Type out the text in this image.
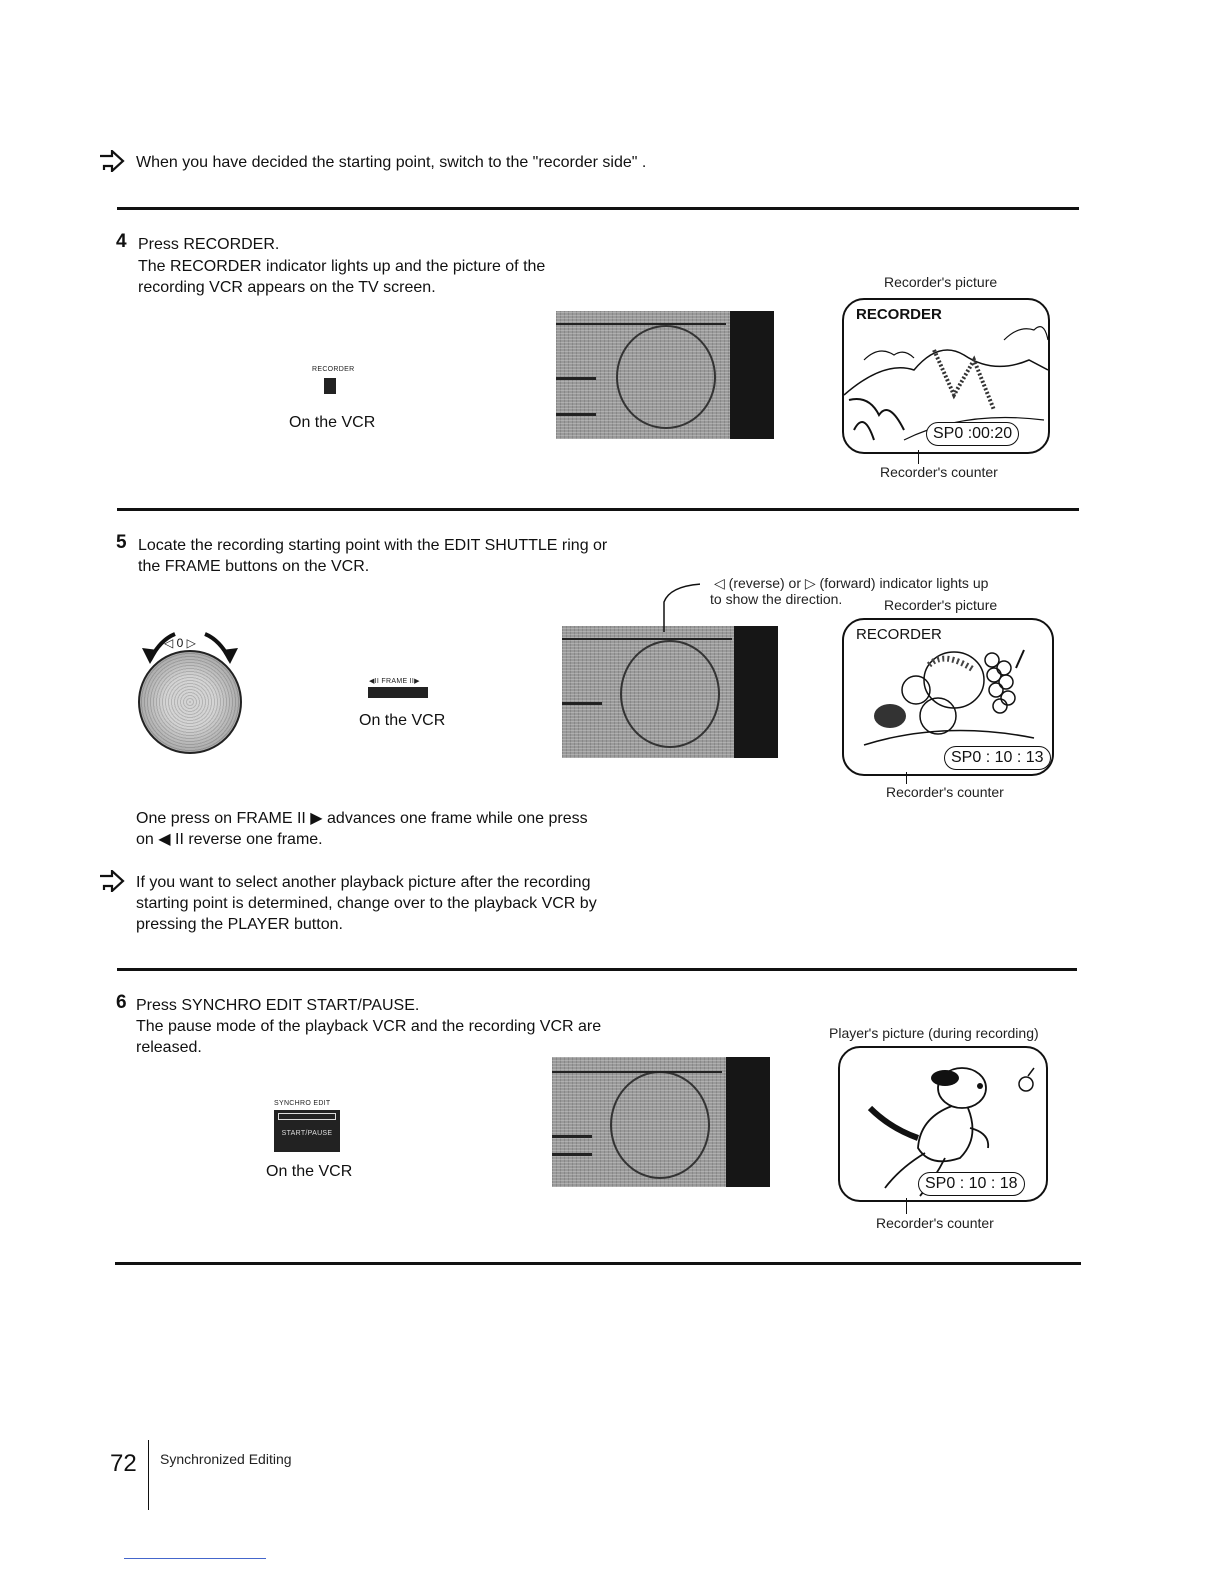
When you have decided the starting point, switch to the "recorder side" .
4 Press RECORDER.
The RECORDER indicator lights up and the picture of the
recording VCR appears on the TV screen.
RECORDER
On the VCR
Recorder's picture
RECORDER
SP0 :00:20
Recorder's counter
5 Locate the recording starting point with the EDIT SHUTTLE ring or
the FRAME buttons on the VCR.
◁ 0 ▷
◀II FRAME II▶
On the VCR
◁ (reverse) or ▷ (forward) indicator lights up
to show the direction.	Recorder's picture
RECORDER
SP0 : 10 : 13
Recorder's counter
One press on FRAME II ▶ advances one frame while one press
on ◀ II reverse one frame.
If you want to select another playback picture after the recording
starting point is determined, change over to the playback VCR by
pressing the PLAYER button.
6 Press SYNCHRO EDIT START/PAUSE.
The pause mode of the playback VCR and the recording VCR are
released.
SYNCHRO EDIT
START/PAUSE
On the VCR
Player's picture (during recording)
SP0 : 10 : 18
Recorder's counter
72 Synchronized Editing
